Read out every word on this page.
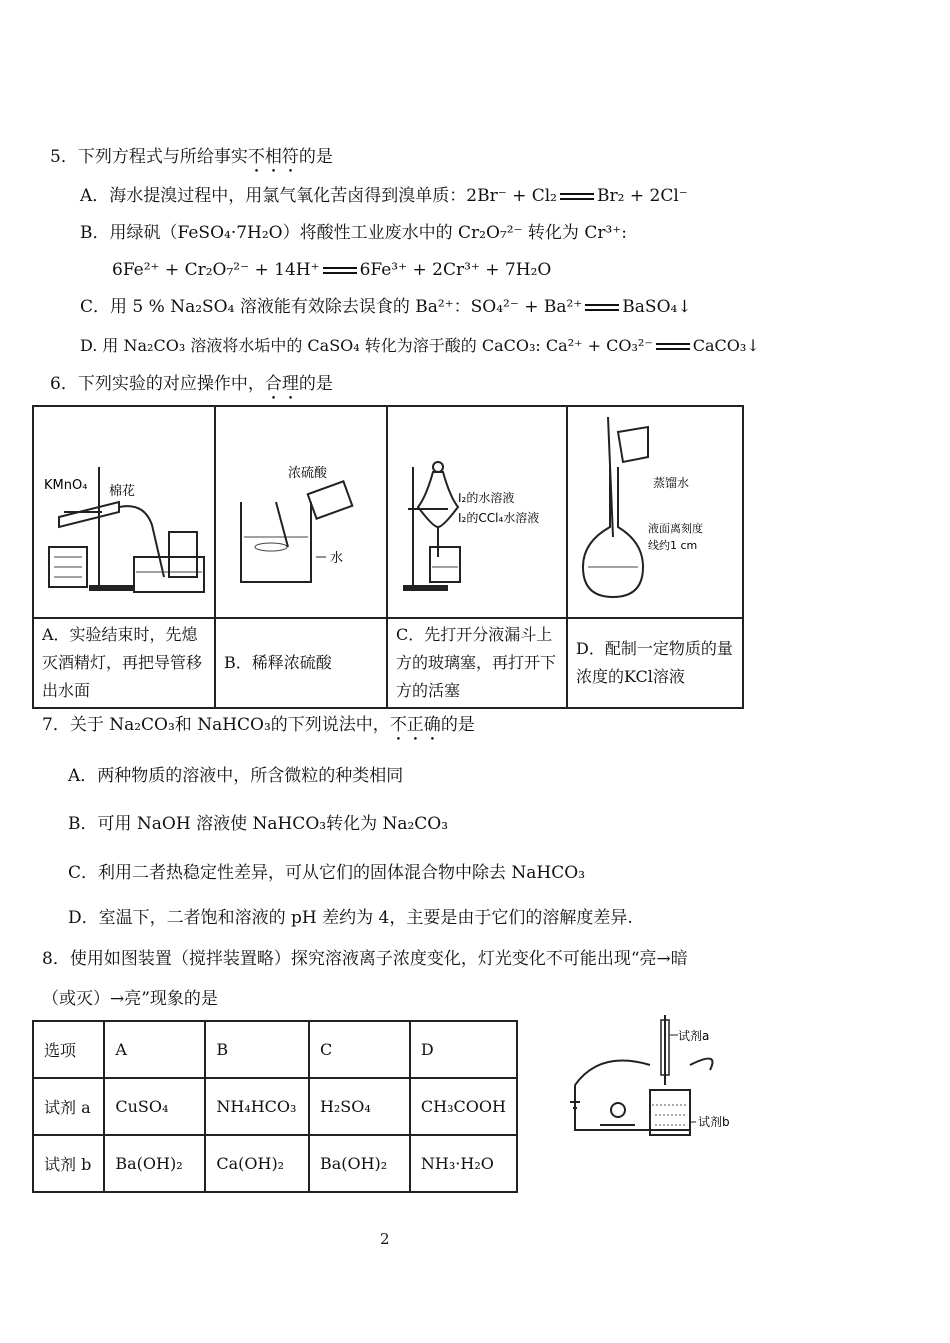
5．下列方程式与所给事实不相符的是
A．海水提溴过程中，用氯气氧化苦卤得到溴单质：2Br⁻ + Cl₂ Br₂ + 2Cl⁻
B．用绿矾（FeSO₄·7H₂O）将酸性工业废水中的 Cr₂O₇²⁻ 转化为 Cr³⁺:
6Fe²⁺ + Cr₂O₇²⁻ + 14H⁺ 6Fe³⁺ + 2Cr³⁺ + 7H₂O
C．用 5 % Na₂SO₄ 溶液能有效除去误食的 Ba²⁺：SO₄²⁻ + Ba²⁺ BaSO₄↓
D. 用 Na₂CO₃ 溶液将水垢中的 CaSO₄ 转化为溶于酸的 CaCO₃: Ca²⁺ + CO₃²⁻	CaCO₃↓
6．下列实验的对应操作中，合理的是
KMnO₄ 棉花	浓硫酸
水	I₂的水溶液
I₂的CCl₄水溶液	蒸馏水
液面离刻度
线约1 cm

A．实验结束时，先熄灭酒精灯，再把导管移出水面	B．稀释浓硫酸	C．先打开分液漏斗上方的玻璃塞，再打开下方的活塞	D．配制一定物质的量浓度的KCl溶液
7．关于 Na₂CO₃和 NaHCO₃的下列说法中，不正确的是
A．两种物质的溶液中，所含微粒的种类相同
B．可用 NaOH 溶液使 NaHCO₃转化为 Na₂CO₃
C．利用二者热稳定性差异，可从它们的固体混合物中除去 NaHCO₃
D．室温下，二者饱和溶液的 pH 差约为 4，主要是由于它们的溶解度差异.
8．使用如图装置（搅拌装置略）探究溶液离子浓度变化，灯光变化不可能出现“亮→暗
（或灭）→亮”现象的是
选项	A	B	C	D
试剂 a	CuSO₄	NH₄HCO₃	H₂SO₄	CH₃COOH
试剂 b	Ba(OH)₂	Ca(OH)₂	Ba(OH)₂	NH₃·H₂O
试剂a
试剂b
2
